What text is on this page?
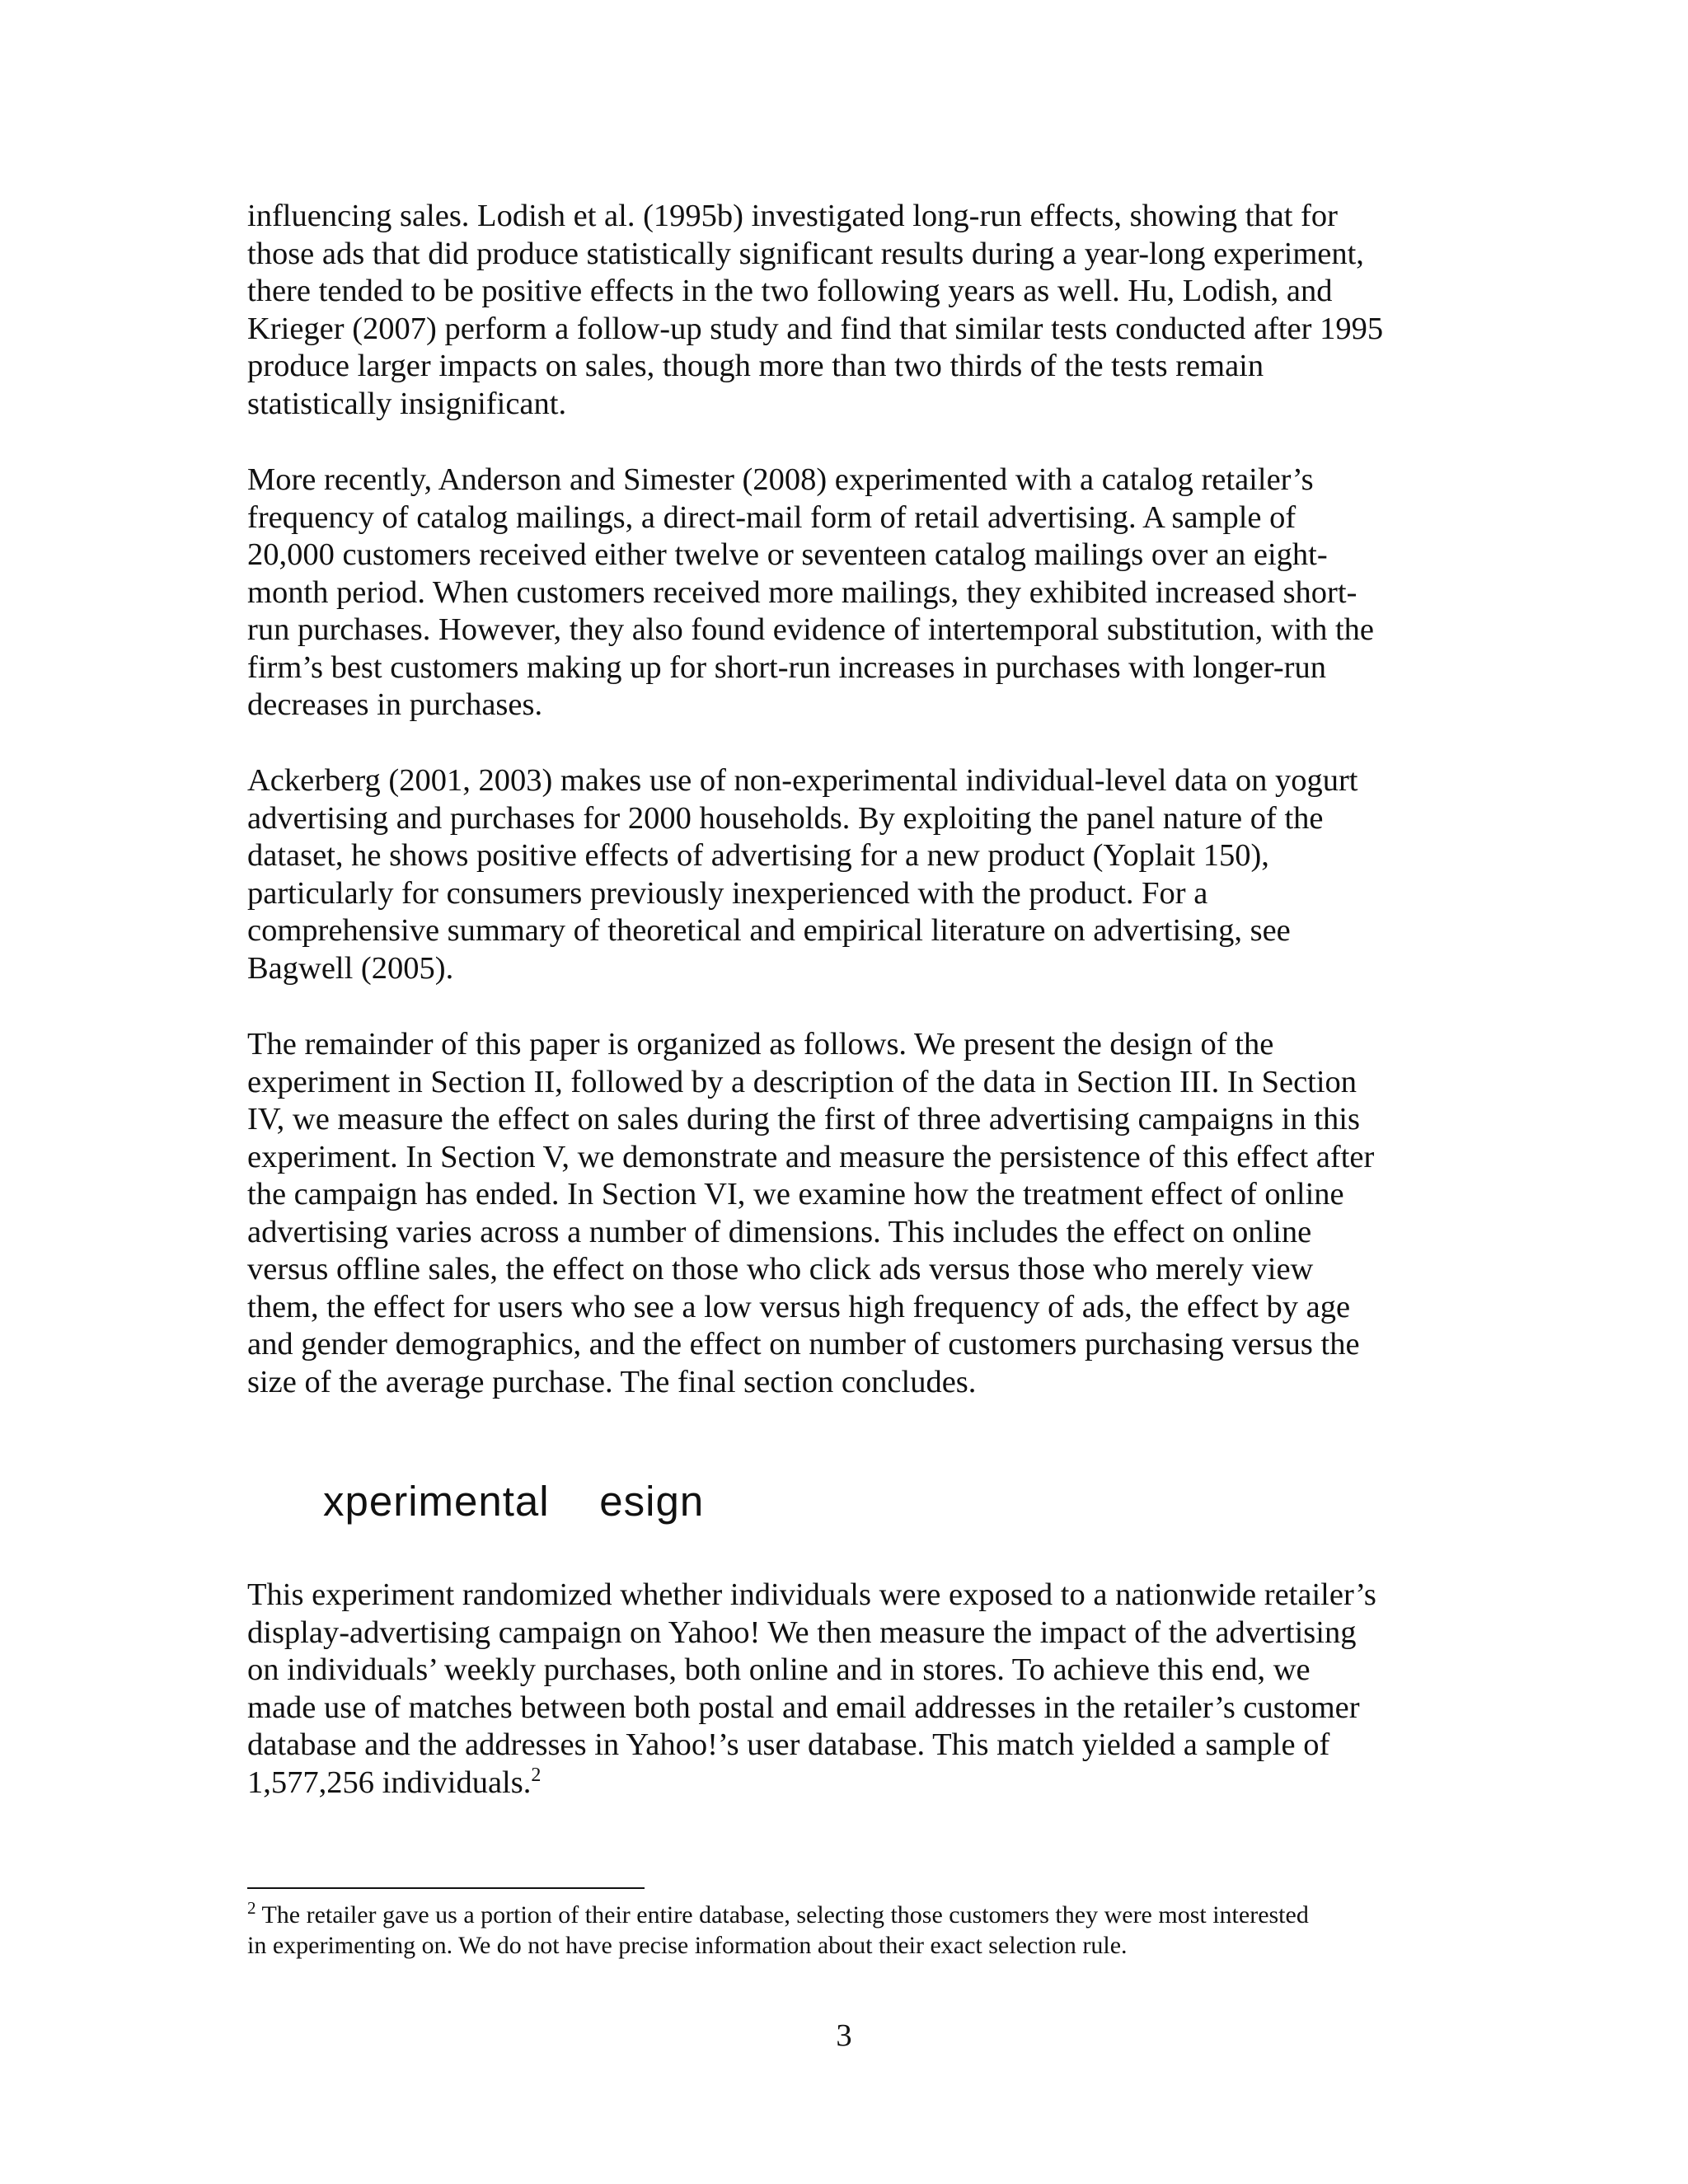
influencing sales. Lodish et al. (1995b) investigated long-run effects, showing that for
those ads that did produce statistically significant results during a year-long experiment,
there tended to be positive effects in the two following years as well. Hu, Lodish, and
Krieger (2007) perform a follow-up study and find that similar tests conducted after 1995
produce larger impacts on sales, though more than two thirds of the tests remain
statistically insignificant.

More recently, Anderson and Simester (2008) experimented with a catalog retailer’s
frequency of catalog mailings, a direct-mail form of retail advertising. A sample of
20,000 customers received either twelve or seventeen catalog mailings over an eight-
month period. When customers received more mailings, they exhibited increased short-
run purchases. However, they also found evidence of intertemporal substitution, with the
firm’s best customers making up for short-run increases in purchases with longer-run
decreases in purchases.

Ackerberg (2001, 2003) makes use of non-experimental individual-level data on yogurt
advertising and purchases for 2000 households. By exploiting the panel nature of the
dataset, he shows positive effects of advertising for a new product (Yoplait 150),
particularly for consumers previously inexperienced with the product. For a
comprehensive summary of theoretical and empirical literature on advertising, see
Bagwell (2005).

The remainder of this paper is organized as follows. We present the design of the
experiment in Section II, followed by a description of the data in Section III. In Section
IV, we measure the effect on sales during the first of three advertising campaigns in this
experiment. In Section V, we demonstrate and measure the persistence of this effect after
the campaign has ended. In Section VI, we examine how the treatment effect of online
advertising varies across a number of dimensions. This includes the effect on online
versus offline sales, the effect on those who click ads versus those who merely view
them, the effect for users who see a low versus high frequency of ads, the effect by age
and gender demographics, and the effect on number of customers purchasing versus the
size of the average purchase. The final section concludes.

xperimental    esign

This experiment randomized whether individuals were exposed to a nationwide retailer’s
display-advertising campaign on Yahoo! We then measure the impact of the advertising
on individuals’ weekly purchases, both online and in stores. To achieve this end, we
made use of matches between both postal and email addresses in the retailer’s customer
database and the addresses in Yahoo!’s user database. This match yielded a sample of
1,577,256 individuals.$^2$

$^2$ The retailer gave us a portion of their entire database, selecting those customers they were most interested
in experimenting on. We do not have precise information about their exact selection rule.

3
